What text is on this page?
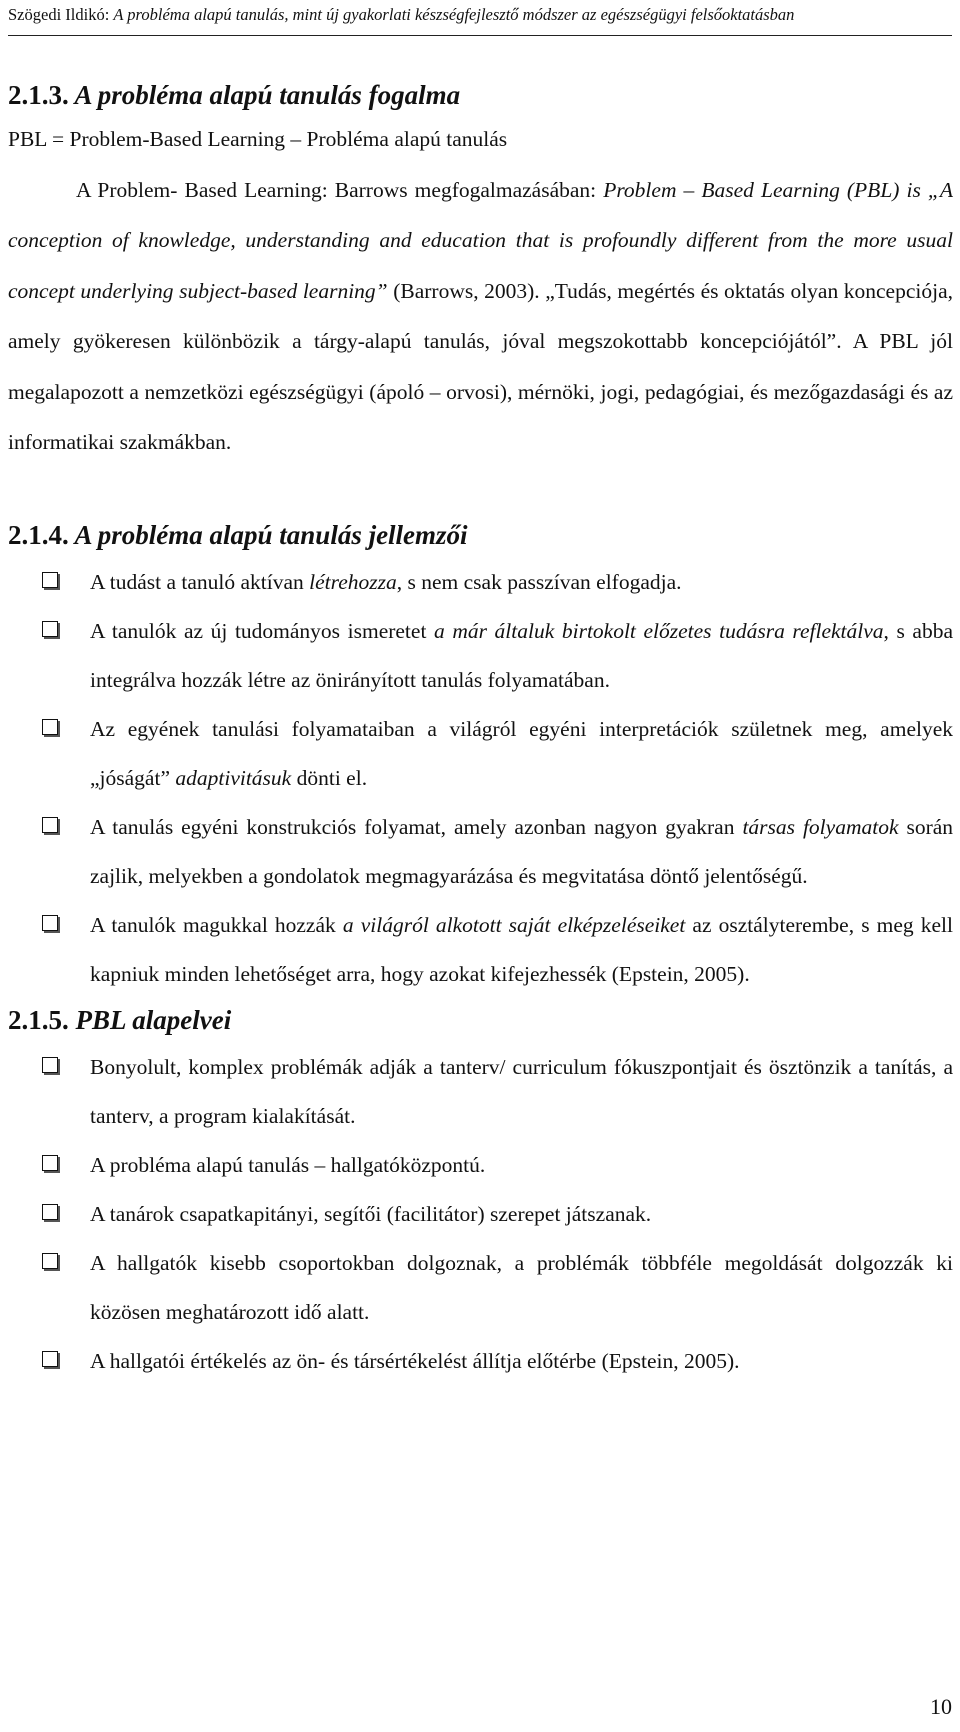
Szögedi Ildikó: A probléma alapú tanulás, mint új gyakorlati készségfejlesztő módszer az egészségügyi felsőoktatásban
2.1.3. A probléma alapú tanulás fogalma

PBL = Problem-Based Learning – Probléma alapú tanulás

A Problem- Based Learning: Barrows megfogalmazásában: Problem – Based Learning (PBL) is „A conception of knowledge, understanding and education that is profoundly different from the more usual concept underlying subject-based learning” (Barrows, 2003). „Tudás, megértés és oktatás olyan koncepciója, amely gyökeresen különbözik a tárgy-alapú tanulás, jóval megszokottabb koncepciójától”. A PBL jól megalapozott a nemzetközi egészségügyi (ápoló – orvosi), mérnöki, jogi, pedagógiai, és mezőgazdasági és az informatikai szakmákban.

2.1.4. A probléma alapú tanulás jellemzői

A tudást a tanuló aktívan létrehozza, s nem csak passzívan elfogadja.

A tanulók az új tudományos ismeretet a már általuk birtokolt előzetes tudásra reflektálva, s abba integrálva hozzák létre az önirányított tanulás folyamatában.

Az egyének tanulási folyamataiban a világról egyéni interpretációk születnek meg, amelyek „jóságát” adaptivitásuk dönti el.

A tanulás egyéni konstrukciós folyamat, amely azonban nagyon gyakran társas folyamatok során zajlik, melyekben a gondolatok megmagyarázása és megvitatása döntő jelentőségű.

A tanulók magukkal hozzák a világról alkotott saját elképzeléseiket az osztályterembe, s meg kell kapniuk minden lehetőséget arra, hogy azokat kifejezhessék (Epstein, 2005).

2.1.5. PBL alapelvei

Bonyolult, komplex problémák adják a tanterv/ curriculum fókuszpontjait és ösztönzik a tanítás, a tanterv, a program kialakítását.

A probléma alapú tanulás – hallgatóközpontú.

A tanárok csapatkapitányi, segítői (facilitátor) szerepet játszanak.

A hallgatók kisebb csoportokban dolgoznak, a problémák többféle megoldását dolgozzák ki közösen meghatározott idő alatt.

A hallgatói értékelés az ön- és társértékelést állítja előtérbe (Epstein, 2005).

10
